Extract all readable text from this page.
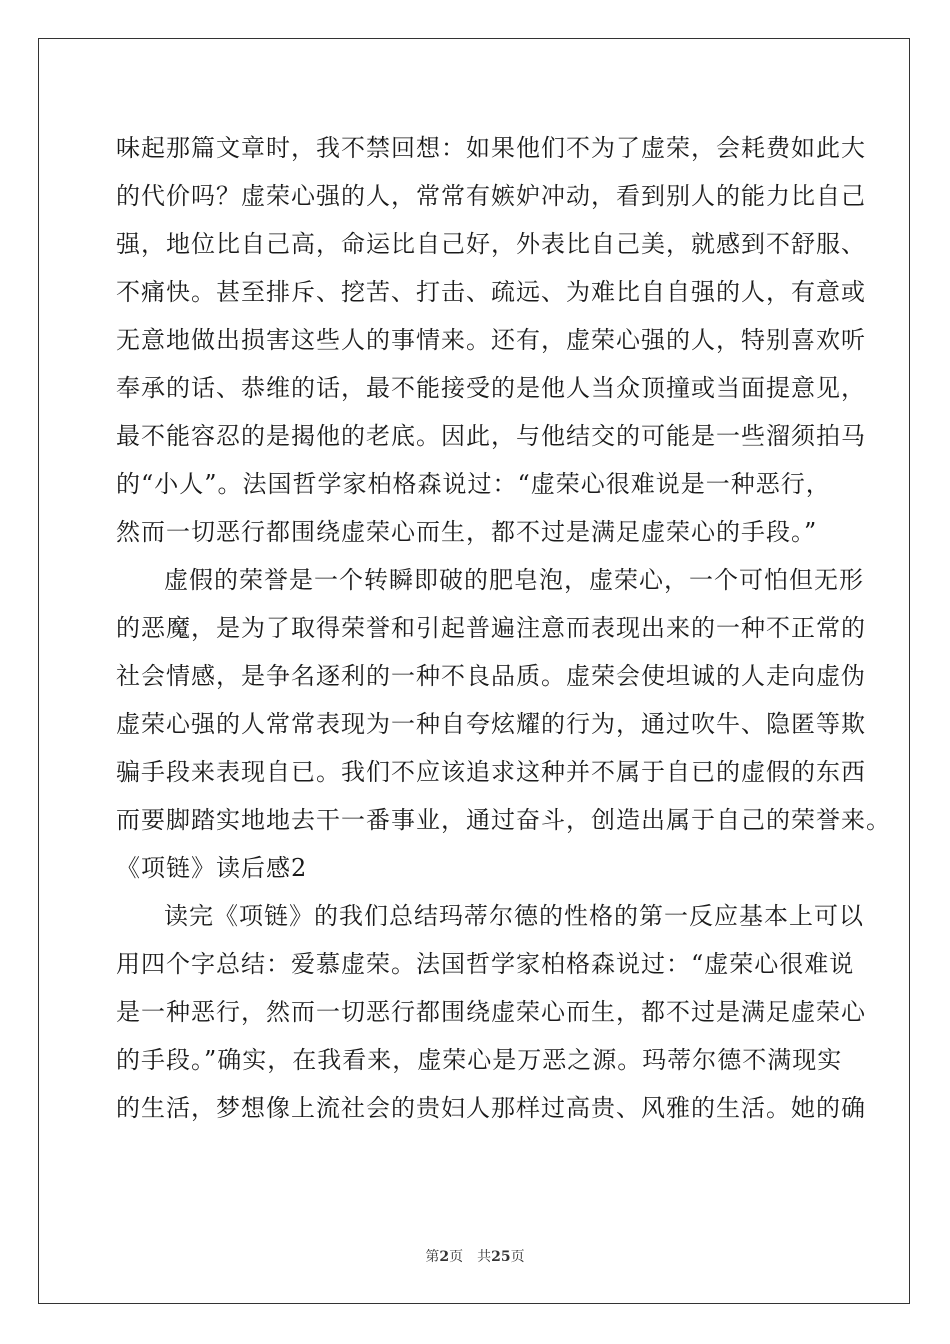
味起那篇文章时，我不禁回想：如果他们不为了虚荣，会耗费如此大
的代价吗？虚荣心强的人，常常有嫉妒冲动，看到别人的能力比自己
强，地位比自己高，命运比自己好，外表比自己美，就感到不舒服、
不痛快。甚至排斥、挖苦、打击、疏远、为难比自自强的人，有意或
无意地做出损害这些人的事情来。还有，虚荣心强的人，特别喜欢听
奉承的话、恭维的话，最不能接受的是他人当众顶撞或当面提意见，
最不能容忍的是揭他的老底。因此，与他结交的可能是一些溜须拍马
的“小人”。法国哲学家柏格森说过：“虚荣心很难说是一种恶行，
然而一切恶行都围绕虚荣心而生，都不过是满足虚荣心的手段。”
虚假的荣誉是一个转瞬即破的肥皂泡，虚荣心，一个可怕但无形
的恶魔，是为了取得荣誉和引起普遍注意而表现出来的一种不正常的
社会情感，是争名逐利的一种不良品质。虚荣会使坦诚的人走向虚伪
虚荣心强的人常常表现为一种自夸炫耀的行为，通过吹牛、隐匿等欺
骗手段来表现自已。我们不应该追求这种并不属于自已的虚假的东西
而要脚踏实地地去干一番事业，通过奋斗，创造出属于自己的荣誉来。
《项链》读后感2
读完《项链》的我们总结玛蒂尔德的性格的第一反应基本上可以
用四个字总结：爱慕虚荣。法国哲学家柏格森说过：“虚荣心很难说
是一种恶行，然而一切恶行都围绕虚荣心而生，都不过是满足虚荣心
的手段。”确实，在我看来，虚荣心是万恶之源。玛蒂尔德不满现实
的生活，梦想像上流社会的贵妇人那样过高贵、风雅的生活。她的确
第2页　共25页
